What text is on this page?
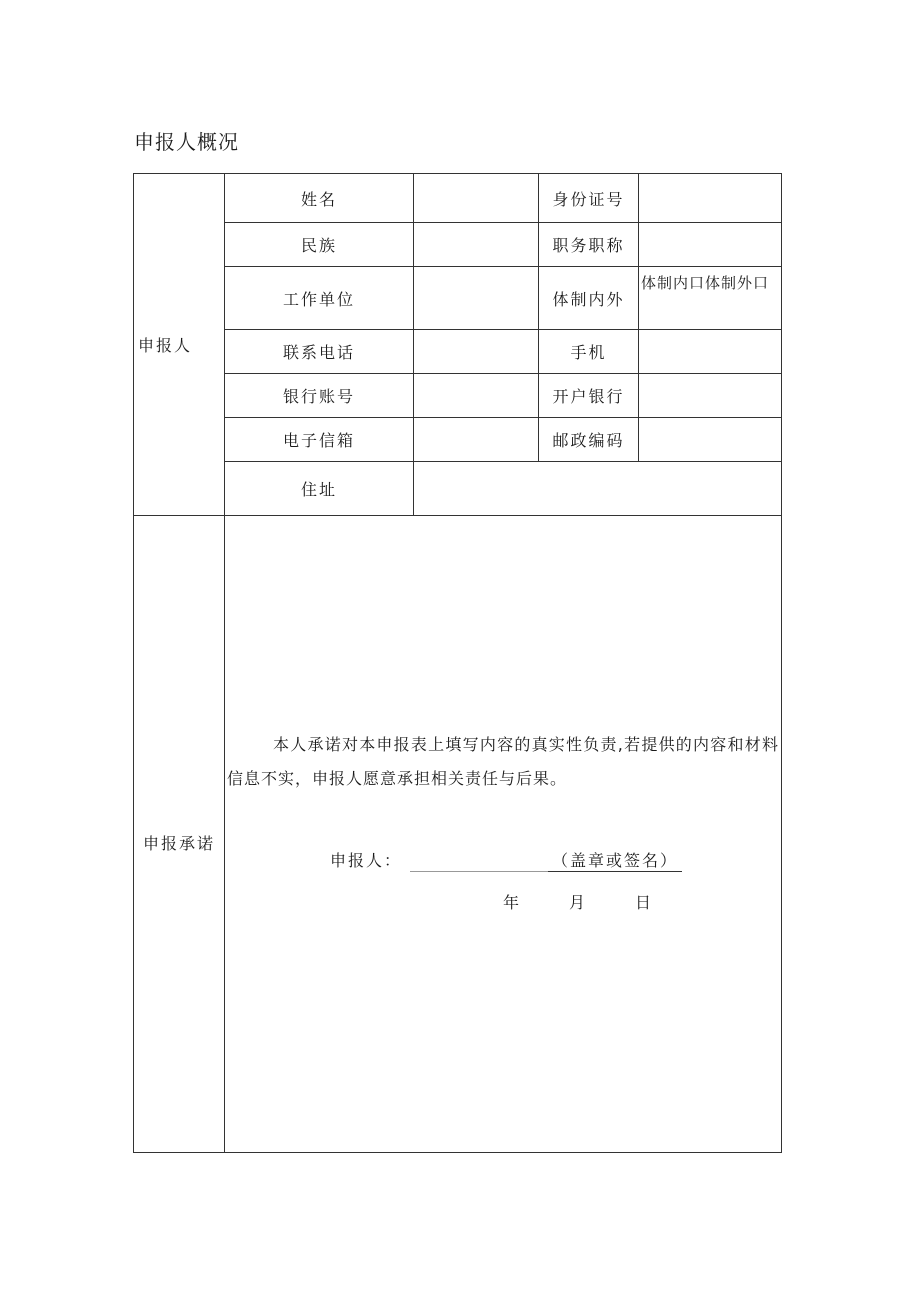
申报人概况
申报人	姓名		身份证号	
	民族		职务职称	
	工作单位		体制内外	体制内口体制外口
	联系电话		手机	
	银行账号		开户银行	
	电子信箱		邮政编码	
	住址			
申报承诺	本人承诺对本申报表上填写内容的真实性负责,若提供的内容和材料信息不实，申报人愿意承担相关责任与后果。
申报人： （盖章或签名）
年 月 日			
